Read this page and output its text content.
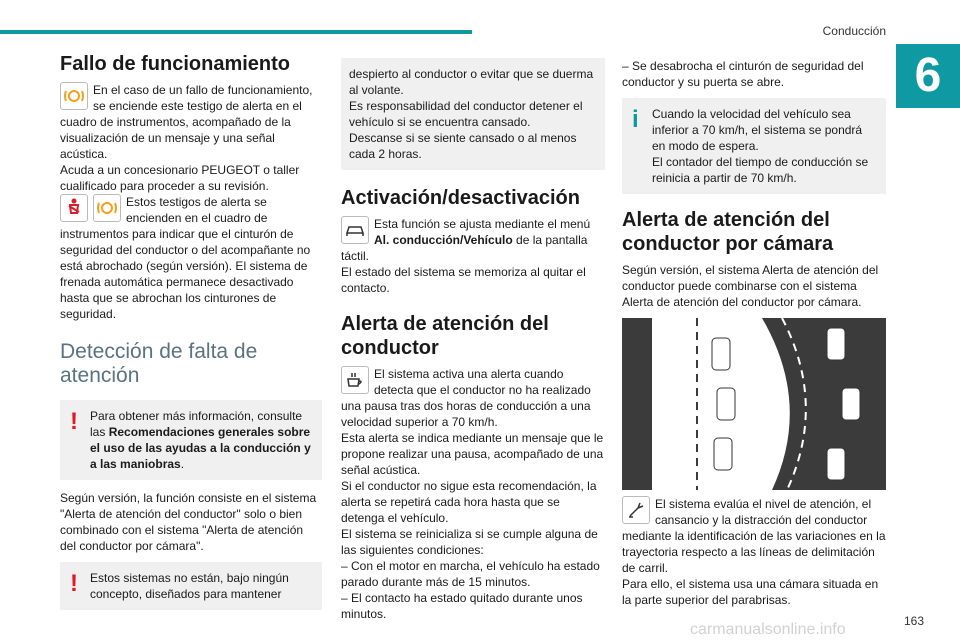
Conducción
6
Fallo de funcionamiento

En el caso de un fallo de funcionamiento, se enciende este testigo de alerta en el cuadro de instrumentos, acompañado de la visualización de un mensaje y una señal acústica.

Acuda a un concesionario PEUGEOT o taller cualificado para proceder a su revisión.

Estos testigos de alerta se encienden en el cuadro de instrumentos para indicar que el cinturón de seguridad del conductor o del acompañante no está abrochado (según versión). El sistema de frenada automática permanece desactivado hasta que se abrochan los cinturones de seguridad.

Detección de falta de atención
! Para obtener más información, consulte las Recomendaciones generales sobre el uso de las ayudas a la conducción y a las maniobras.

Según versión, la función consiste en el sistema "Alerta de atención del conductor" solo o bien combinado con el sistema "Alerta de atención del conductor por cámara".

! Estos sistemas no están, bajo ningún concepto, diseñados para mantener

despierto al conductor o evitar que se duerma al volante.

Es responsabilidad del conductor detener el vehículo si se encuentra cansado.

Descanse si se siente cansado o al menos cada 2 horas.

Activación/desactivación

Esta función se ajusta mediante el menú Al. conducción/Vehículo de la pantalla táctil.

El estado del sistema se memoriza al quitar el contacto.

Alerta de atención del conductor

El sistema activa una alerta cuando detecta que el conductor no ha realizado una pausa tras dos horas de conducción a una velocidad superior a 70 km/h.

Esta alerta se indica mediante un mensaje que le propone realizar una pausa, acompañado de una señal acústica.

Si el conductor no sigue esta recomendación, la alerta se repetirá cada hora hasta que se detenga el vehículo.

El sistema se reinicializa si se cumple alguna de las siguientes condiciones:

– Con el motor en marcha, el vehículo ha estado parado durante más de 15 minutos.

– El contacto ha estado quitado durante unos minutos.

– Se desabrocha el cinturón de seguridad del conductor y su puerta se abre.

i Cuando la velocidad del vehículo sea inferior a 70 km/h, el sistema se pondrá en modo de espera.

El contador del tiempo de conducción se reinicia a partir de 70 km/h.

Alerta de atención del conductor por cámara

Según versión, el sistema Alerta de atención del conductor puede combinarse con el sistema Alerta de atención del conductor por cámara.

El sistema evalúa el nivel de atención, el cansancio y la distracción del conductor mediante la identificación de las variaciones en la trayectoria respecto a las líneas de delimitación de carril.

Para ello, el sistema usa una cámara situada en la parte superior del parabrisas.

163
carmanualsonline.info
